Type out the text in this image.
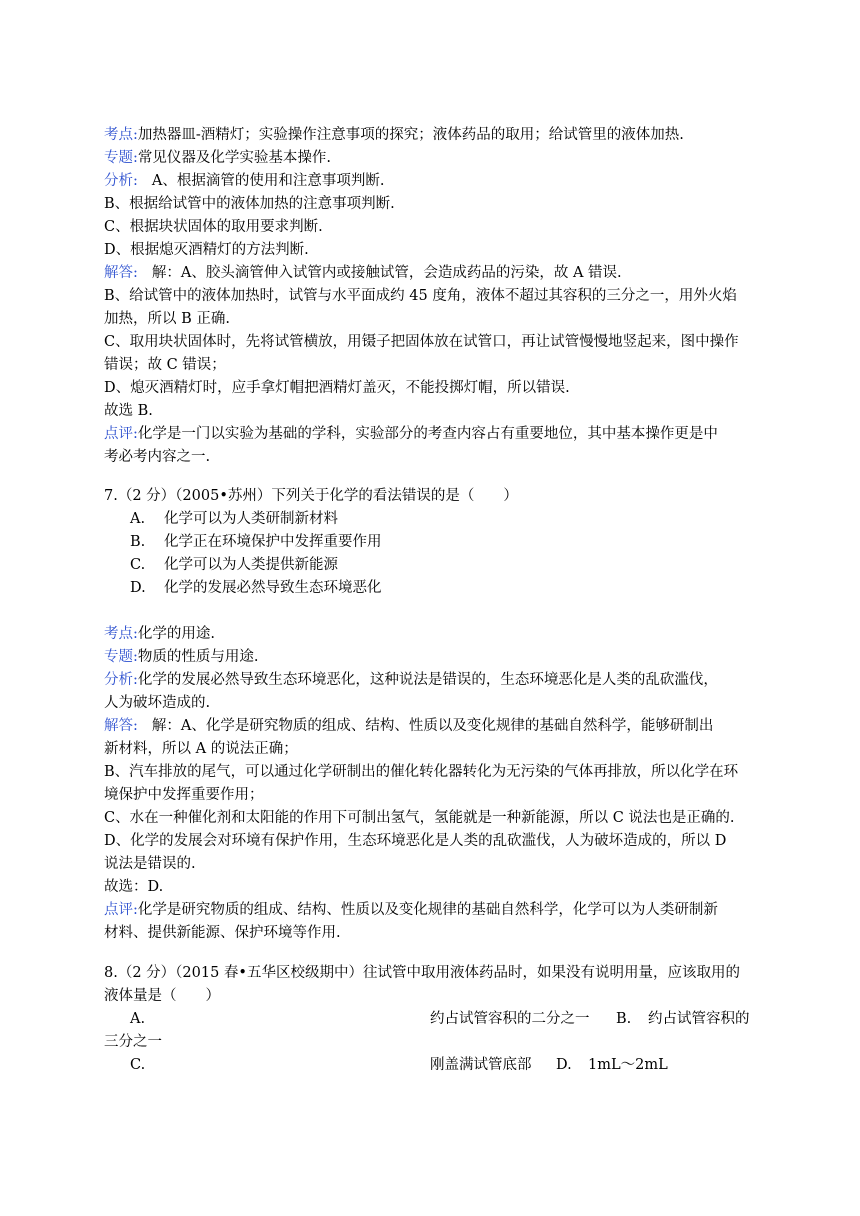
考点:加热器皿-酒精灯；实验操作注意事项的探究；液体药品的取用；给试管里的液体加热.
专题:常见仪器及化学实验基本操作.
分析: A、根据滴管的使用和注意事项判断.
B、根据给试管中的液体加热的注意事项判断.
C、根据块状固体的取用要求判断.
D、根据熄灭酒精灯的方法判断.
解答: 解：A、胶头滴管伸入试管内或接触试管，会造成药品的污染，故 A 错误.
B、给试管中的液体加热时，试管与水平面成约 45 度角，液体不超过其容积的三分之一，用外火焰
加热，所以 B 正确.
C、取用块状固体时，先将试管横放，用镊子把固体放在试管口，再让试管慢慢地竖起来，图中操作
错误；故 C 错误；
D、熄灭酒精灯时，应手拿灯帽把酒精灯盖灭，不能投掷灯帽，所以错误.
故选 B.
点评:化学是一门以实验为基础的学科，实验部分的考查内容占有重要地位，其中基本操作更是中
考必考内容之一.
7.（2 分）（2005•苏州）下列关于化学的看法错误的是（　　）
A. 化学可以为人类研制新材料
B. 化学正在环境保护中发挥重要作用
C. 化学可以为人类提供新能源
D. 化学的发展必然导致生态环境恶化
考点:化学的用途.
专题:物质的性质与用途.
分析:化学的发展必然导致生态环境恶化，这种说法是错误的，生态环境恶化是人类的乱砍滥伐，
人为破坏造成的.
解答: 解：A、化学是研究物质的组成、结构、性质以及变化规律的基础自然科学，能够研制出
新材料，所以 A 的说法正确；
B、汽车排放的尾气，可以通过化学研制出的催化转化器转化为无污染的气体再排放，所以化学在环
境保护中发挥重要作用；
C、水在一种催化剂和太阳能的作用下可制出氢气，氢能就是一种新能源，所以 C 说法也是正确的.
D、化学的发展会对环境有保护作用，生态环境恶化是人类的乱砍滥伐，人为破坏造成的，所以 D
说法是错误的.
故选：D.
点评:化学是研究物质的组成、结构、性质以及变化规律的基础自然科学，化学可以为人类研制新
材料、提供新能源、保护环境等作用.
8.（2 分）（2015 春•五华区校级期中）往试管中取用液体药品时，如果没有说明用量，应该取用的
液体量是（　　）
A.	约占试管容积的二分之一 B. 约占试管容积的
三分之一
C.	刚盖满试管底部 D. 1mL～2mL
